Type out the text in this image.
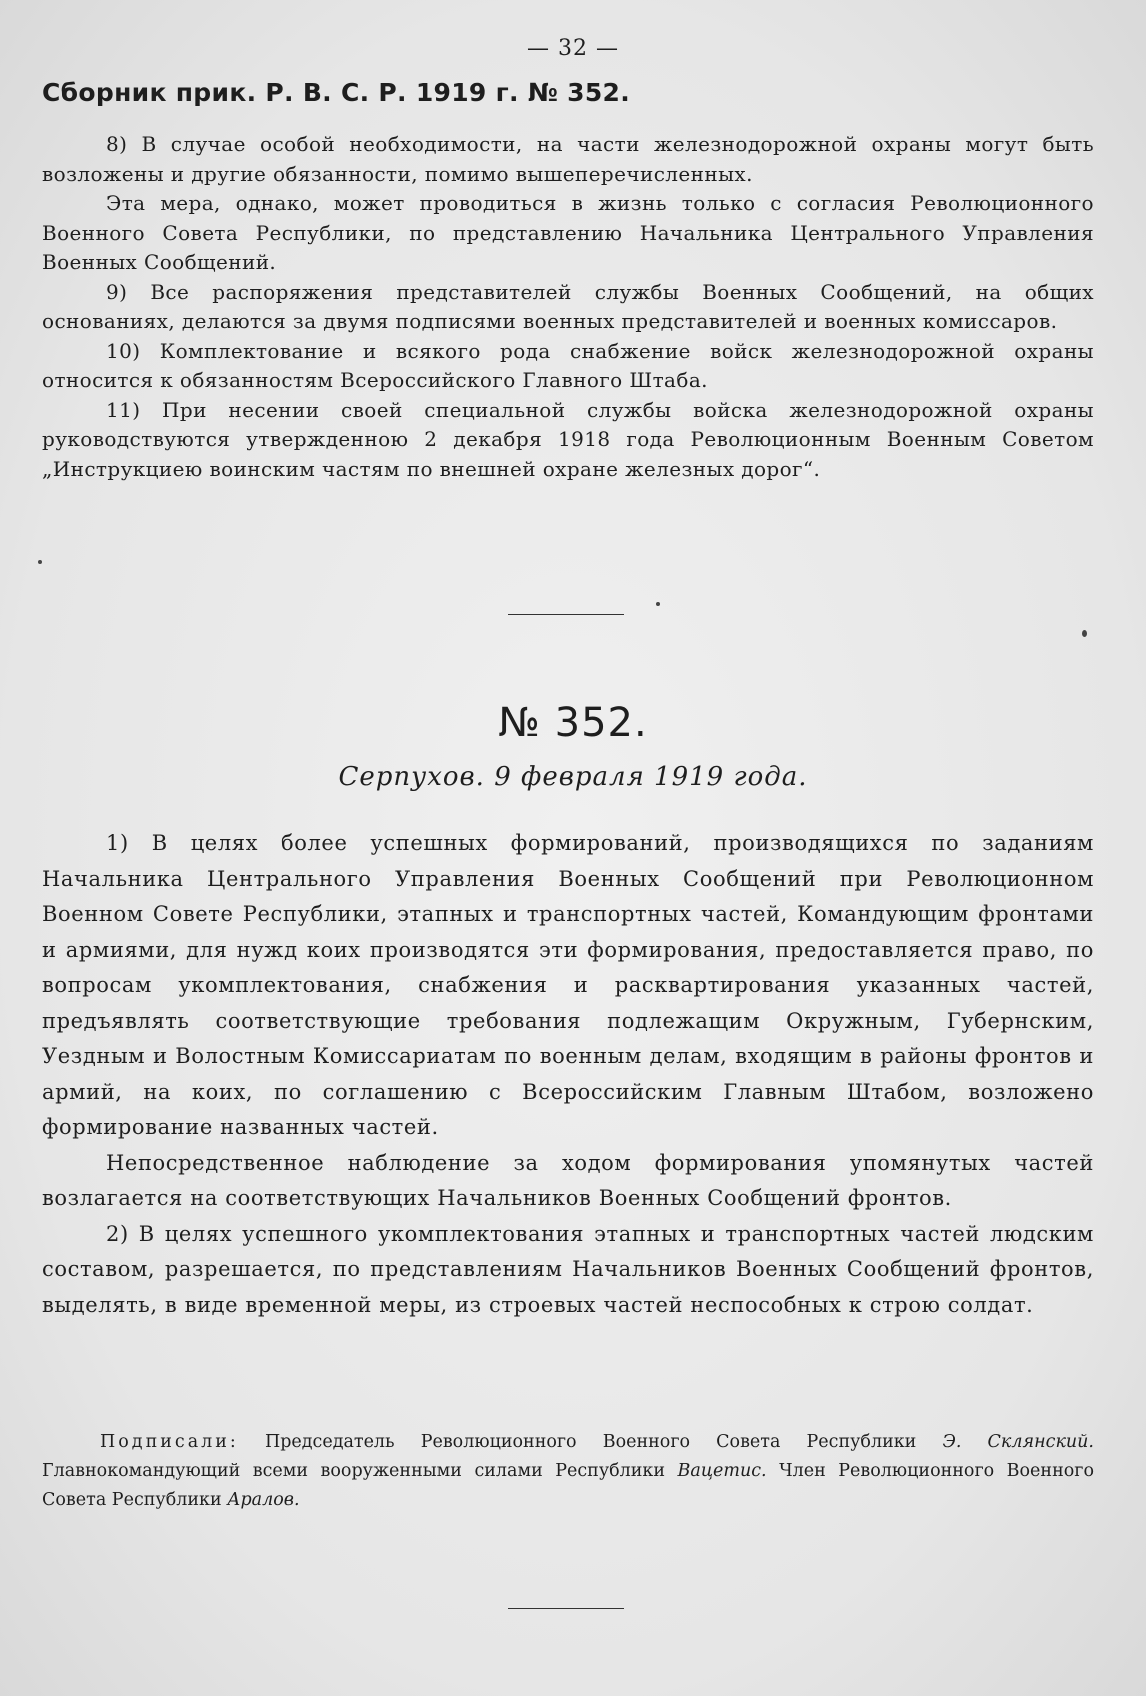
— 32 —
Сборник прик. Р. В. С. Р. 1919 г. № 352.

8) В случае особой необходимости, на части железнодорожной охраны могут быть возложены и другие обязанности, помимо вышеперечисленных.

Эта мера, однако, может проводиться в жизнь только с согласия Революционного Военного Совета Республики, по представлению Начальника Центрального Управления Военных Сообщений.

9) Все распоряжения представителей службы Военных Сообщений, на общих основаниях, делаются за двумя подписями военных представителей и военных комиссаров.

10) Комплектование и всякого рода снабжение войск железнодорожной охраны относится к обязанностям Всероссийского Главного Штаба.

11) При несении своей специальной службы войска железнодорожной охраны руководствуются утвержденною 2 декабря 1918 года Революционным Военным Советом „Инструкциею воинским частям по внешней охране железных дорог“.

№ 352.
Серпухов. 9 февраля 1919 года.

1) В целях более успешных формирований, производящихся по заданиям Начальника Центрального Управления Военных Сообщений при Революционном Военном Совете Республики, этапных и транспортных частей, Командующим фронтами и армиями, для нужд коих производятся эти формирования, предоставляется право, по вопросам укомплектования, снабжения и расквартирования указанных частей, предъявлять соответствующие требования подлежащим Окружным, Губернским, Уездным и Волостным Комиссариатам по военным делам, входящим в районы фронтов и армий, на коих, по соглашению с Всероссийским Главным Штабом, возложено формирование названных частей.

Непосредственное наблюдение за ходом формирования упомянутых частей возлагается на соответствующих Начальников Военных Сообщений фронтов.

2) В целях успешного укомплектования этапных и транспортных частей людским составом, разрешается, по представлениям Начальников Военных Сообщений фронтов, выделять, в виде временной меры, из строевых частей неспособных к строю солдат.

Подписали: Председатель Революционного Военного Совета Республики Э. Склянский. Главнокомандующий всеми вооруженными силами Республики Вацетис. Член Революционного Военного Совета Республики Аралов.
